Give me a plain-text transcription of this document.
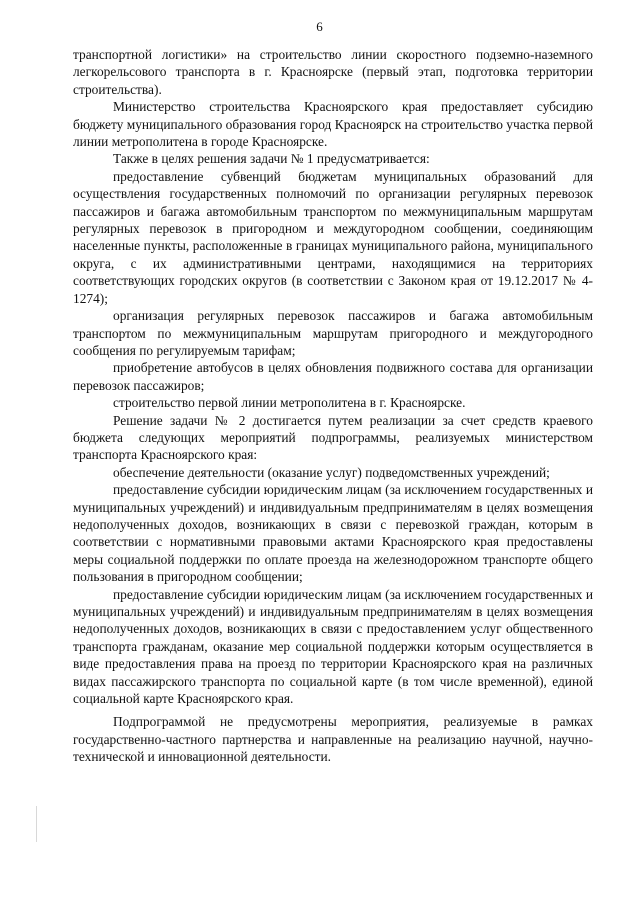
6

транспортной логистики» на строительство линии скоростного подземно-наземного легкорельсового транспорта в г. Красноярске (первый этап, подготовка территории строительства).

Министерство строительства Красноярского края предоставляет субсидию бюджету муниципального образования город Красноярск на строительство участка первой линии метрополитена в городе Красноярске.

Также в целях решения задачи № 1 предусматривается:

предоставление субвенций бюджетам муниципальных образований для осуществления государственных полномочий по организации регулярных перевозок пассажиров и багажа автомобильным транспортом по межмуниципальным маршрутам регулярных перевозок в пригородном и междугородном сообщении, соединяющим населенные пункты, расположенные в границах муниципального района, муниципального округа, с их административными центрами, находящимися на территориях соответствующих городских округов (в соответствии с Законом края от 19.12.2017 № 4-1274);

организация регулярных перевозок пассажиров и багажа автомобильным транспортом по межмуниципальным маршрутам пригородного и междугородного сообщения по регулируемым тарифам;

приобретение автобусов в целях обновления подвижного состава для организации перевозок пассажиров;

строительство первой линии метрополитена в г. Красноярске.

Решение задачи № 2 достигается путем реализации за счет средств краевого бюджета следующих мероприятий подпрограммы, реализуемых министерством транспорта Красноярского края:

обеспечение деятельности (оказание услуг) подведомственных учреждений;

предоставление субсидии юридическим лицам (за исключением государственных и муниципальных учреждений) и индивидуальным предпринимателям в целях возмещения недополученных доходов, возникающих в связи с перевозкой граждан, которым в соответствии с нормативными правовыми актами Красноярского края предоставлены меры социальной поддержки по оплате проезда на железнодорожном транспорте общего пользования в пригородном сообщении;

предоставление субсидии юридическим лицам (за исключением государственных и муниципальных учреждений) и индивидуальным предпринимателям в целях возмещения недополученных доходов, возникающих в связи с предоставлением услуг общественного транспорта гражданам, оказание мер социальной поддержки которым осуществляется в виде предоставления права на проезд по территории Красноярского края на различных видах пассажирского транспорта по социальной карте (в том числе временной), единой социальной карте Красноярского края.

Подпрограммой не предусмотрены мероприятия, реализуемые в рамках государственно-частного партнерства и направленные на реализацию научной, научно-технической и инновационной деятельности.
